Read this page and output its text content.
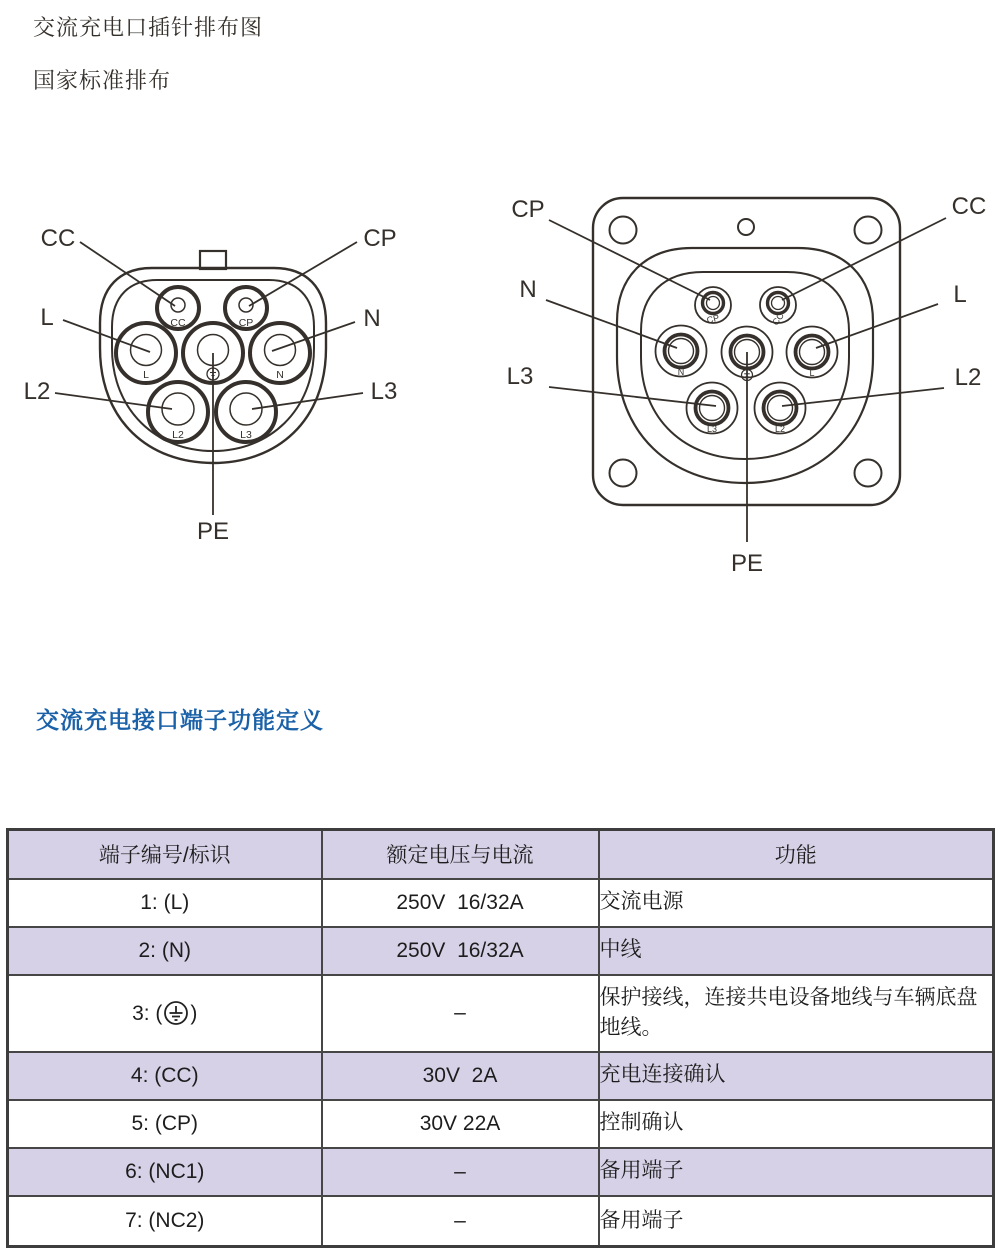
交流充电口插针排布图
国家标准排布
CC	CP
L	N
L2	L3
CC	CP
L	N
L2	L3
PE
CP	CC
N	L
L3	L2
CP	CC
N	L
L3	L2
PE
交流充电接口端子功能定义
端子编号/标识	额定电压与电流	功能
1: (L)	250V  16/32A	交流电源
2: (N)	250V  16/32A	中线
3: ( )	–	保护接线，连接共电设备地线与车辆底盘地线。
4: (CC)	30V  2A	充电连接确认
5: (CP)	30V 22A	控制确认
6: (NC1)	–	备用端子
7: (NC2)	–	备用端子
